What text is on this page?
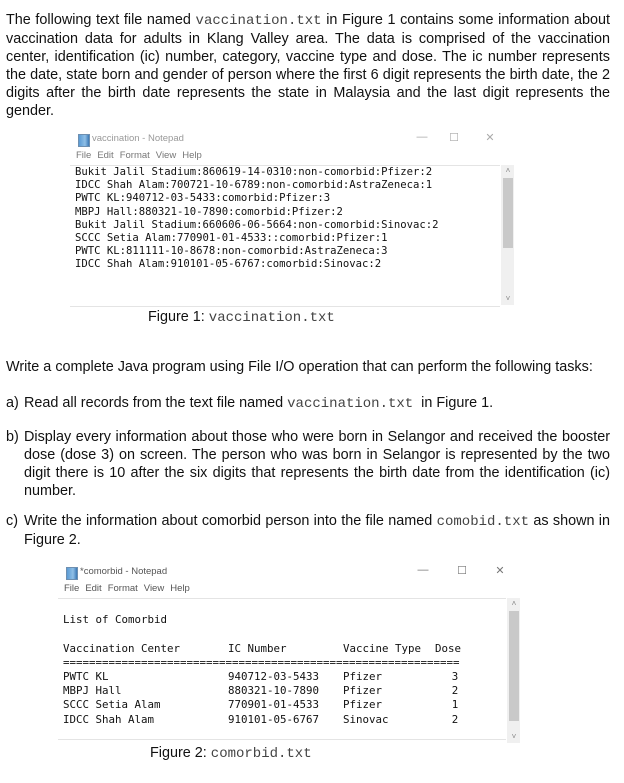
The following text file named vaccination.txt in Figure 1 contains some information about vaccination data for adults in Klang Valley area. The data is comprised of the vaccination center, identification (ic) number, category, vaccine type and dose. The ic number represents the date, state born and gender of person where the first 6 digit represents the birth date, the 2 digits after the birth date represents the state in Malaysia and the last digit represents the gender.
vaccination - Notepad	— ☐	✕
File Edit Format View Help
Bukit Jalil Stadium:860619-14-0310:non-comorbid:Pfizer:2
IDCC Shah Alam:700721-10-6789:non-comorbid:AstraZeneca:1
PWTC KL:940712-03-5433:comorbid:Pfizer:3
MBPJ Hall:880321-10-7890:comorbid:Pfizer:2
Bukit Jalil Stadium:660606-06-5664:non-comorbid:Sinovac:2
SCCC Setia Alam:770901-01-4533::comorbid:Pfizer:1
PWTC KL:811111-10-8678:non-comorbid:AstraZeneca:3
IDCC Shah Alam:910101-05-6767:comorbid:Sinovac:2
˄
˅
Figure 1: vaccination.txt
Write a complete Java program using File I/O operation that can perform the following tasks:
a) Read all records from the text file named vaccination.txt  in Figure 1.
b) Display every information about those who were born in Selangor and received the booster dose (dose 3) on screen. The person who was born in Selangor is represented by the two digit there is 10 after the six digits that represents the birth date from the identification (ic) number.
c) Write the information about comorbid person into the file named comobid.txt as shown in Figure 2.
*comorbid - Notepad	—	☐	✕
File Edit Format View Help

List of Comorbid
Vaccination Center	IC Number	Vaccine Type Dose
=============================================================
PWTC KL	940712-03-5433 Pfizer	3
MBPJ Hall	880321-10-7890 Pfizer	2
SCCC Setia Alam	770901-01-4533 Pfizer	1
IDCC Shah Alam	910101-05-6767 Sinovac	2
˄
˅
Figure 2: comorbid.txt
